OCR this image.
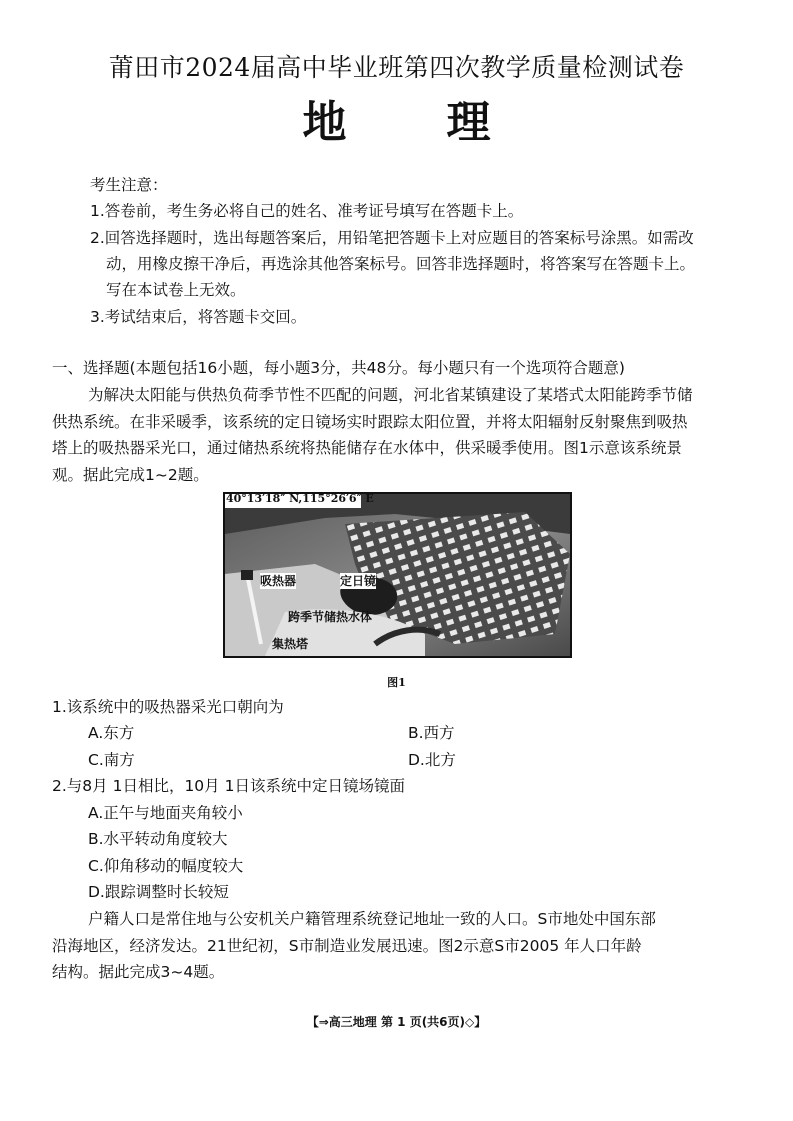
莆田市2024届高中毕业班第四次教学质量检测试卷
地 理
考生注意：
1.答卷前，考生务必将自己的姓名、准考证号填写在答题卡上。
2.回答选择题时，选出每题答案后，用铅笔把答题卡上对应题目的答案标号涂黑。如需改
动，用橡皮擦干净后，再选涂其他答案标号。回答非选择题时，将答案写在答题卡上。
写在本试卷上无效。
3.考试结束后，将答题卡交回。
一、选择题(本题包括16小题，每小题3分，共48分。每小题只有一个选项符合题意)
为解决太阳能与供热负荷季节性不匹配的问题，河北省某镇建设了某塔式太阳能跨季节储
供热系统。在非采暖季，该系统的定日镜场实时跟踪太阳位置，并将太阳辐射反射聚焦到吸热
塔上的吸热器采光口，通过储热系统将热能储存在水体中，供采暖季使用。图1示意该系统景
观。据此完成1~2题。
40°13′18″ N,115°26′6″ E
吸热器	定日镜
跨季节储热水体
集热塔
图1
1.该系统中的吸热器采光口朝向为
A.东方	B.西方
C.南方	D.北方
2.与8月 1日相比，10月 1日该系统中定日镜场镜面
A.正午与地面夹角较小
B.水平转动角度较大
C.仰角移动的幅度较大
D.跟踪调整时长较短
户籍人口是常住地与公安机关户籍管理系统登记地址一致的人口。S市地处中国东部
沿海地区，经济发达。21世纪初，S市制造业发展迅速。图2示意S市2005 年人口年龄
结构。据此完成3~4题。
【⇒高三地理 第 1 页(共6页)◇】
